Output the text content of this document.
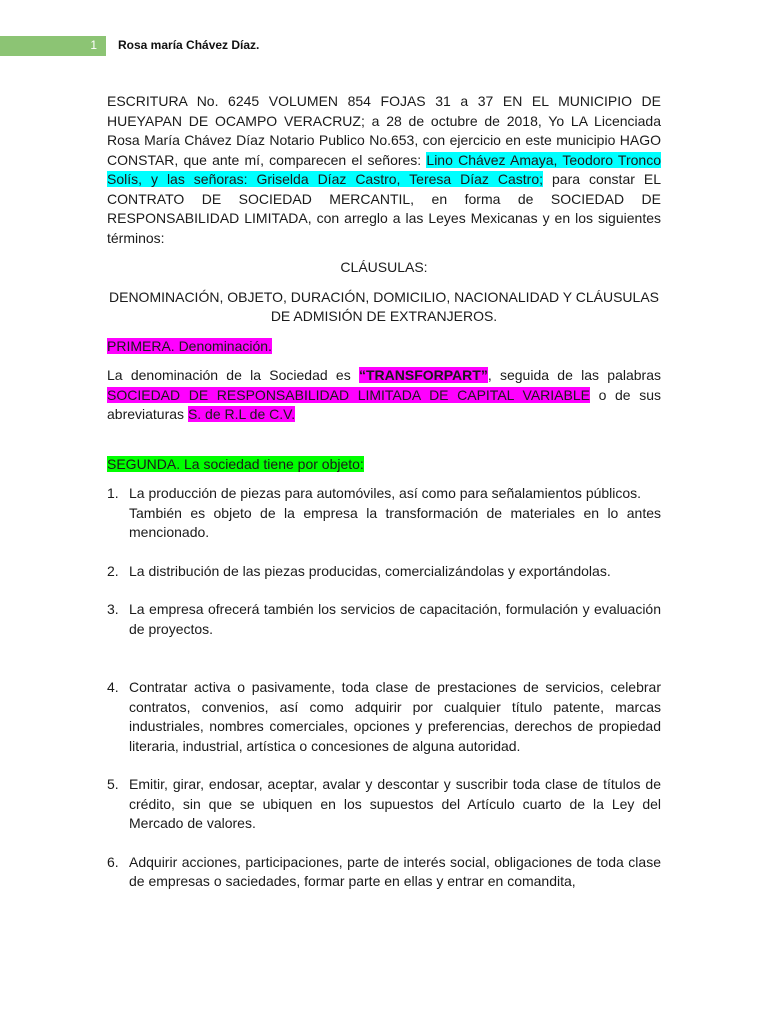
1 Rosa maría Chávez Díaz.

ESCRITURA No. 6245 VOLUMEN 854 FOJAS 31 a 37 EN EL MUNICIPIO DE HUEYAPAN DE OCAMPO VERACRUZ; a 28 de octubre de 2018, Yo LA Licenciada Rosa María Chávez Díaz Notario Publico No.653, con ejercicio en este municipio HAGO CONSTAR, que ante mí, comparecen el señores: Lino Chávez Amaya, Teodoro Tronco Solís, y las señoras: Griselda Díaz Castro, Teresa Díaz Castro; para constar EL CONTRATO DE SOCIEDAD MERCANTIL, en forma de SOCIEDAD DE RESPONSABILIDAD LIMITADA, con arreglo a las Leyes Mexicanas y en los siguientes términos:

CLÁUSULAS:

DENOMINACIÓN, OBJETO, DURACIÓN, DOMICILIO, NACIONALIDAD Y CLÁUSULAS DE ADMISIÓN DE EXTRANJEROS.

PRIMERA. Denominación.

La denominación de la Sociedad es “TRANSFORPART”, seguida de las palabras SOCIEDAD DE RESPONSABILIDAD LIMITADA DE CAPITAL VARIABLE o de sus abreviaturas S. de R.L de C.V.

SEGUNDA. La sociedad tiene por objeto:

1. La producción de piezas para automóviles, así como para señalamientos públicos.
También es objeto de la empresa la transformación de materiales en lo antes mencionado.
2. La distribución de las piezas producidas, comercializándolas y exportándolas.
3. La empresa ofrecerá también los servicios de capacitación, formulación y evaluación de proyectos.
4. Contratar activa o pasivamente, toda clase de prestaciones de servicios, celebrar contratos, convenios, así como adquirir por cualquier título patente, marcas industriales, nombres comerciales, opciones y preferencias, derechos de propiedad literaria, industrial, artística o concesiones de alguna autoridad.
5. Emitir, girar, endosar, aceptar, avalar y descontar y suscribir toda clase de títulos de crédito, sin que se ubiquen en los supuestos del Artículo cuarto de la Ley del Mercado de valores.
6. Adquirir acciones, participaciones, parte de interés social, obligaciones de toda clase de empresas o saciedades, formar parte en ellas y entrar en comandita,
